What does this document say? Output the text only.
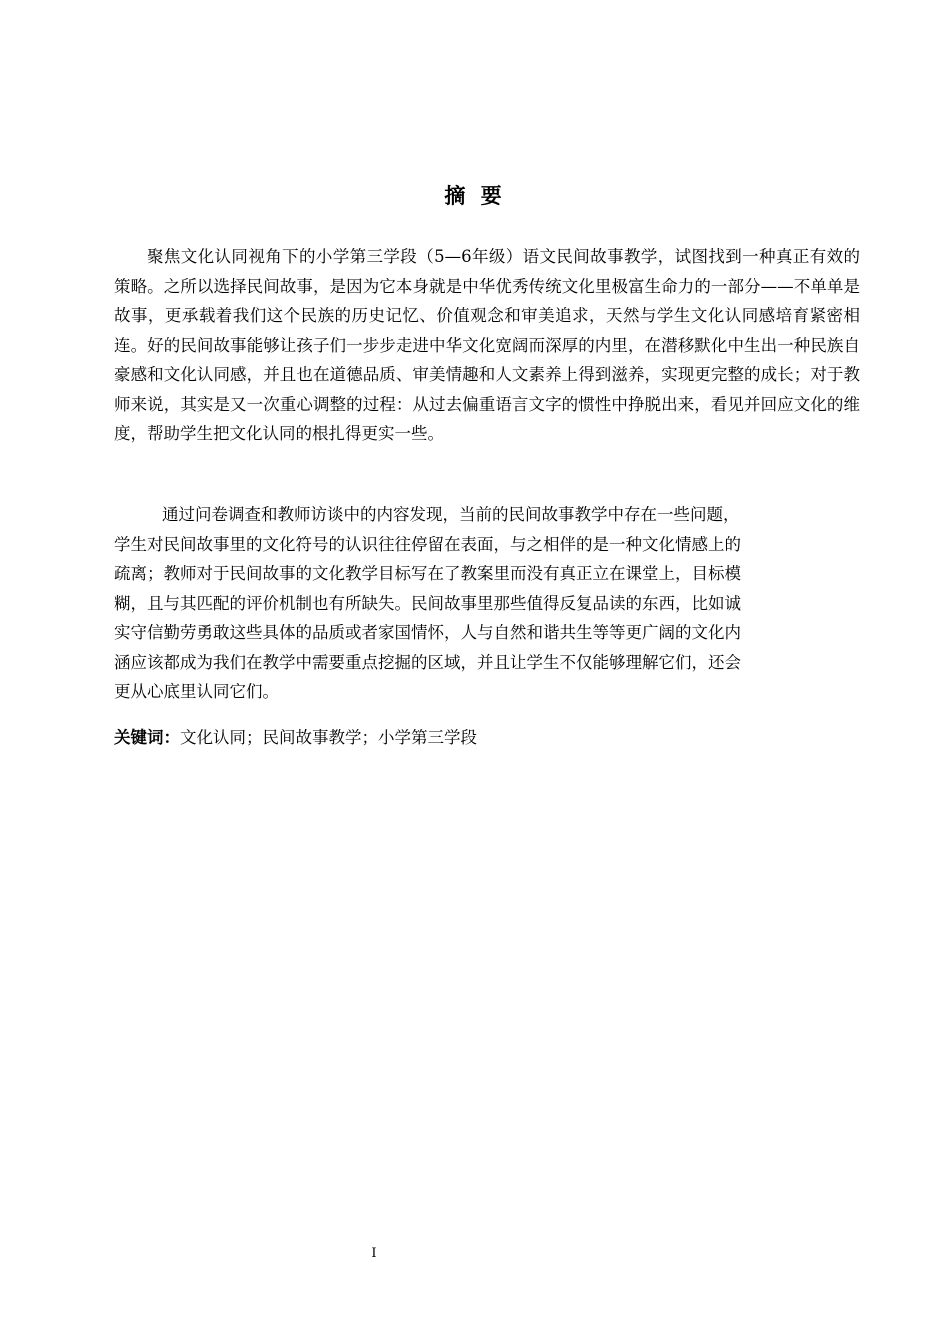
摘 要
聚焦文化认同视角下的小学第三学段（5—6年级）语文民间故事教学，试图找到一种真正有效的策略。之所以选择民间故事，是因为它本身就是中华优秀传统文化里极富生命力的一部分——不单单是故事，更承载着我们这个民族的历史记忆、价值观念和审美追求，天然与学生文化认同感培育紧密相连。好的民间故事能够让孩子们一步步走进中华文化宽阔而深厚的内里，在潜移默化中生出一种民族自豪感和文化认同感，并且也在道德品质、审美情趣和人文素养上得到滋养，实现更完整的成长；对于教师来说，其实是又一次重心调整的过程：从过去偏重语言文字的惯性中挣脱出来，看见并回应文化的维度，帮助学生把文化认同的根扎得更实一些。
通过问卷调查和教师访谈中的内容发现，当前的民间故事教学中存在一些问题，
学生对民间故事里的文化符号的认识往往停留在表面，与之相伴的是一种文化情感上的
疏离；教师对于民间故事的文化教学目标写在了教案里而没有真正立在课堂上，目标模
糊，且与其匹配的评价机制也有所缺失。民间故事里那些值得反复品读的东西，比如诚
实守信勤劳勇敢这些具体的品质或者家国情怀，人与自然和谐共生等等更广阔的文化内
涵应该都成为我们在教学中需要重点挖掘的区域，并且让学生不仅能够理解它们，还会
更从心底里认同它们。
关键词：文化认同；民间故事教学；小学第三学段
I
